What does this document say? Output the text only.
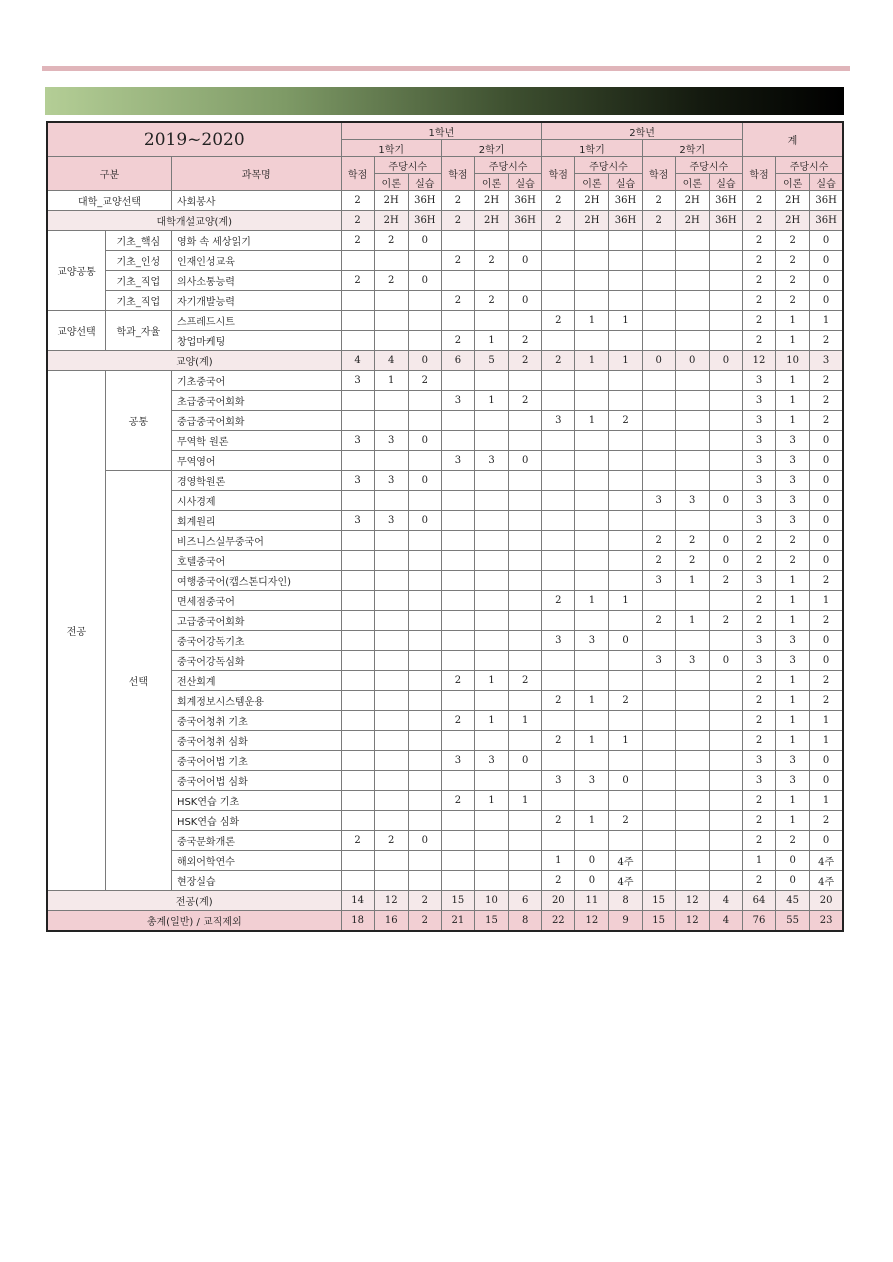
2019~2020			1학년						2학년						계		
			1학기			2학기			1학기			2학기					
구분		과목명	학점	주당시수		학점	주당시수		학점	주당시수		학점	주당시수		학점	주당시수	
				이론	실습		이론	실습		이론	실습		이론	실습		이론	실습
대학_교양선택		사회봉사	2	2H	36H	2	2H	36H	2	2H	36H	2	2H	36H	2	2H	36H
대학개설교양(계)			2	2H	36H	2	2H	36H	2	2H	36H	2	2H	36H	2	2H	36H
교양공통	기초_핵심	영화 속 세상읽기	2	2	0										2	2	0
	기초_인성	인재인성교육				2	2	0							2	2	0
	기초_직업	의사소통능력	2	2	0										2	2	0
	기초_직업	자기개발능력				2	2	0							2	2	0
교양선택	학과_자율	스프레드시트							2	1	1				2	1	1
		창업마케팅				2	1	2							2	1	2
교양(계)			4	4	0	6	5	2	2	1	1	0	0	0	12	10	3
전공	공통	기초중국어	3	1	2										3	1	2
		초급중국어회화				3	1	2							3	1	2
		중급중국어회화							3	1	2				3	1	2
		무역학 원론	3	3	0										3	3	0
		무역영어				3	3	0							3	3	0
	선택	경영학원론	3	3	0										3	3	0
		시사경제										3	3	0	3	3	0
		회계원리	3	3	0										3	3	0
		비즈니스실무중국어										2	2	0	2	2	0
		호텔중국어										2	2	0	2	2	0
		여행중국어(캡스톤디자인)										3	1	2	3	1	2
		면세점중국어							2	1	1				2	1	1
		고급중국어회화										2	1	2	2	1	2
		중국어강독기초							3	3	0				3	3	0
		중국어강독심화										3	3	0	3	3	0
		전산회계				2	1	2							2	1	2
		회계정보시스템운용							2	1	2				2	1	2
		중국어청취 기초				2	1	1							2	1	1
		중국어청취 심화							2	1	1				2	1	1
		중국어어법 기초				3	3	0							3	3	0
		중국어어법 심화							3	3	0				3	3	0
		HSK연습 기초				2	1	1							2	1	1
		HSK연습 심화							2	1	2				2	1	2
		중국문화개론	2	2	0										2	2	0
		해외어학연수							1	0	4주				1	0	4주
		현장실습							2	0	4주				2	0	4주
전공(계)			14	12	2	15	10	6	20	11	8	15	12	4	64	45	20
총계(일반) / 교직제외			18	16	2	21	15	8	22	12	9	15	12	4	76	55	23
